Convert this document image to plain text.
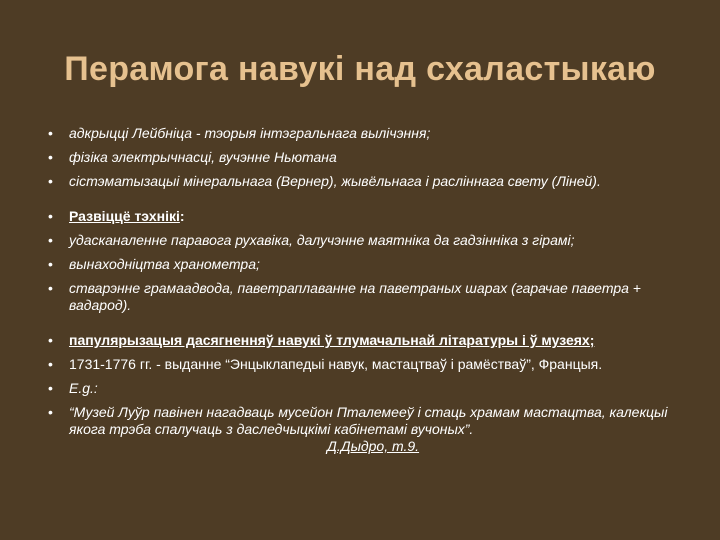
Перамога навукі над схаластыкаю
• адкрыцці Лейбніца - тэорыя інтэгральнага вылічэння;
• фізіка электрычнасці, вучэнне Ньютана
• сістэматызацыі мінеральнага (Вернер), жывёльнага і расліннага свету (Ліней).
• Развіццё тэхнікі:
• удасканаленне паравога рухавіка, далучэнне маятніка да гадзінніка з гірамі;
• вынаходніцтва хранометра;
• стварэнне грамаадвода, паветраплаванне на паветраных шарах (гарачае паветра + вадарод).
• папулярызацыя дасягненняў навукі ў тлумачальнай літаратуры і ў музеях;
• 1731-1776 гг. - выданне “Энцыклапедыі навук, мастацтваў і рамёстваў”, Францыя.
• E.g.:
• “Музей Луўр павінен нагадваць мусейон Пталемееў і стаць храмам мастацтва, калекцыі якога трэба спалучаць з даследчыцкімі кабінетамі вучоных”. Д.Дыдро, т.9.
